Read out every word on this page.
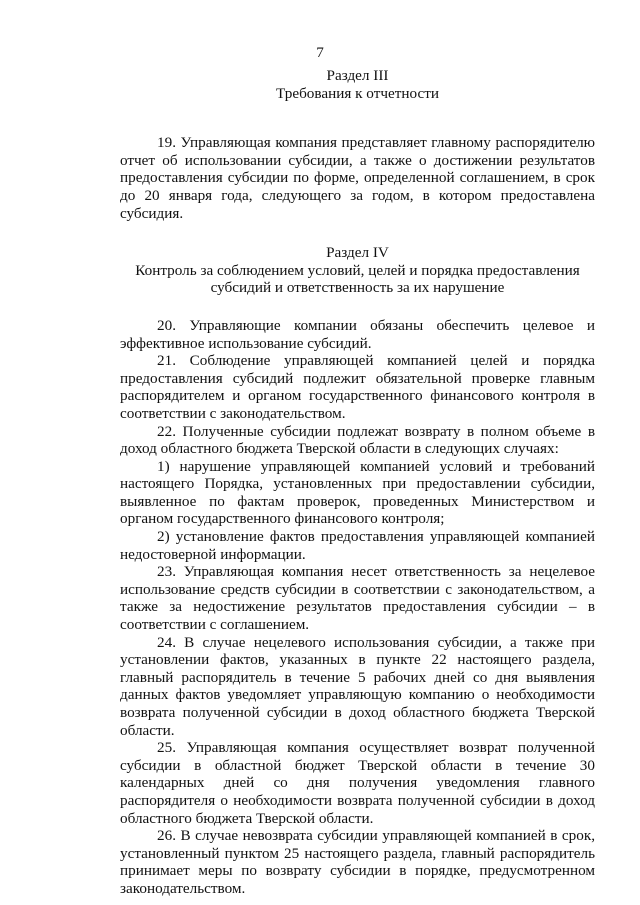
7
Раздел III
Требования к отчетности

19. Управляющая компания представляет главному распорядителю отчет об использовании субсидии, а также о достижении результатов предоставления субсидии по форме, определенной соглашением, в срок до 20 января года, следующего за годом, в котором предоставлена субсидия.

Раздел IV
Контроль за соблюдением условий, целей и порядка предоставления
субсидий и ответственность за их нарушение

20. Управляющие компании обязаны обеспечить целевое и эффективное использование субсидий.

21. Соблюдение управляющей компанией целей и порядка предоставления субсидий подлежит обязательной проверке главным распорядителем и органом государственного финансового контроля в соответствии с законодательством.

22. Полученные субсидии подлежат возврату в полном объеме в доход областного бюджета Тверской области в следующих случаях:

1) нарушение управляющей компанией условий и требований настоящего Порядка, установленных при предоставлении субсидии, выявленное по фактам проверок, проведенных Министерством и органом государственного финансового контроля;

2) установление фактов предоставления управляющей компанией недостоверной информации.

23. Управляющая компания несет ответственность за нецелевое использование средств субсидии в соответствии с законодательством, а также за недостижение результатов предоставления субсидии – в соответствии с соглашением.

24. В случае нецелевого использования субсидии, а также при установлении фактов, указанных в пункте 22 настоящего раздела, главный распорядитель в течение 5 рабочих дней со дня выявления данных фактов уведомляет управляющую компанию о необходимости возврата полученной субсидии в доход областного бюджета Тверской области.

25. Управляющая компания осуществляет возврат полученной субсидии в областной бюджет Тверской области в течение 30 календарных дней со дня получения уведомления главного распорядителя о необходимости возврата полученной субсидии в доход областного бюджета Тверской области.

26. В случае невозврата субсидии управляющей компанией в срок, установленный пунктом 25 настоящего раздела, главный распорядитель принимает меры по возврату субсидии в порядке, предусмотренном законодательством.
